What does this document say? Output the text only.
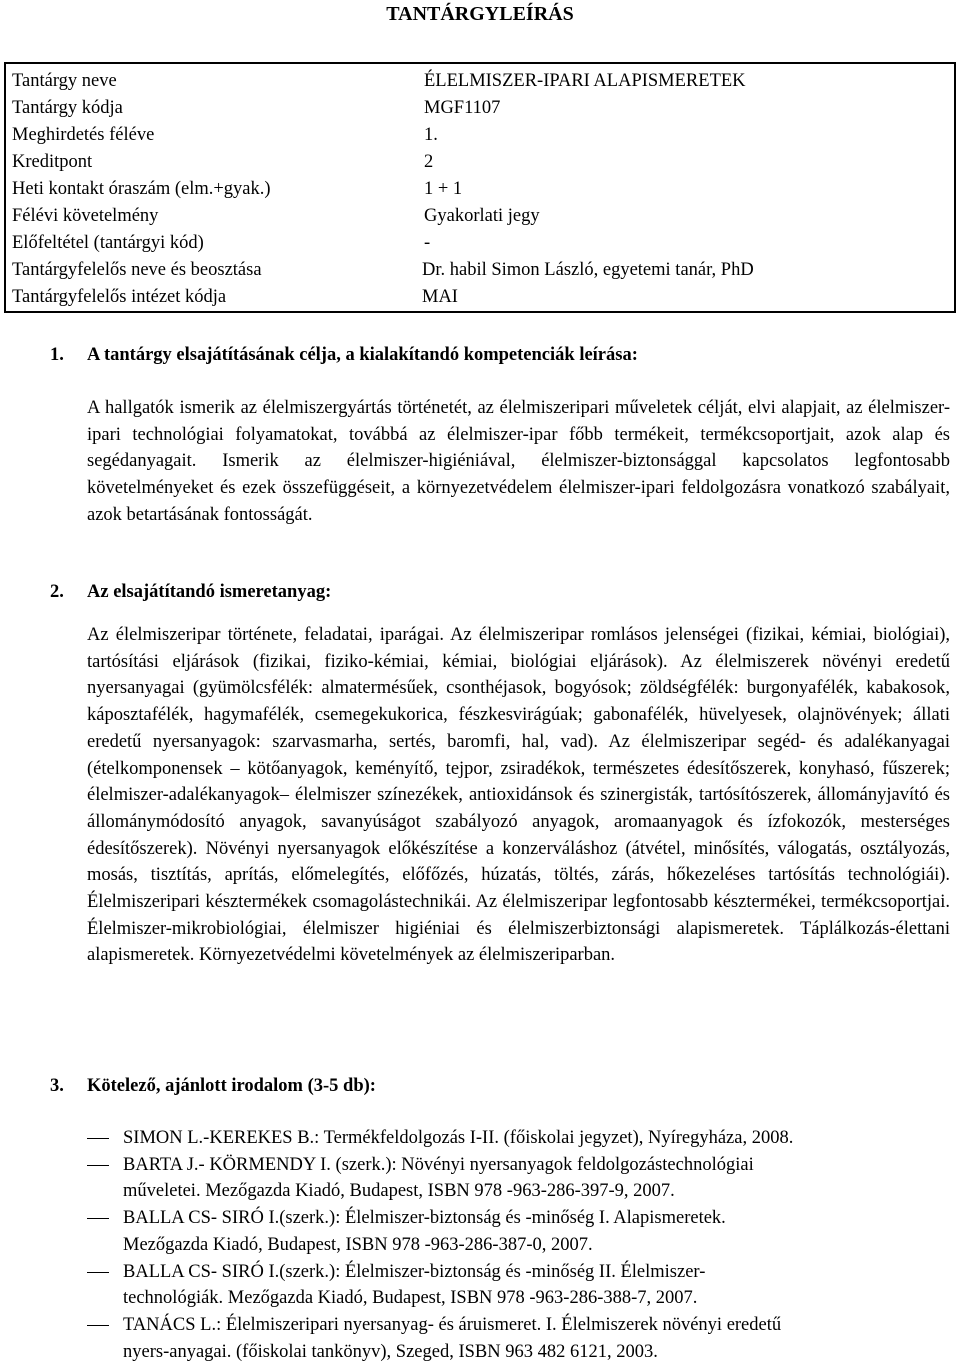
TANTÁRGYLEÍRÁS
Tantárgy neve	ÉLELMISZER-IPARI ALAPISMERETEK
Tantárgy kódja	MGF1107
Meghirdetés féléve	1.
Kreditpont	2
Heti kontakt óraszám (elm.+gyak.)	1 + 1
Félévi követelmény	Gyakorlati jegy
Előfeltétel (tantárgyi kód)	-
Tantárgyfelelős neve és beosztása	Dr. habil Simon László, egyetemi tanár, PhD
Tantárgyfelelős intézet kódja	MAI
1. A tantárgy elsajátításának célja, a kialakítandó kompetenciák leírása:

A hallgatók ismerik az élelmiszergyártás történetét, az élelmiszeripari műveletek célját, elvi alapjait, az élelmiszer-ipari technológiai folyamatokat, továbbá az élelmiszer-ipar főbb termékeit, termékcsoportjait, azok alap és segédanyagait. Ismerik az élelmiszer-higiéniával, élelmiszer-biztonsággal kapcsolatos legfontosabb követelményeket és ezek összefüggéseit, a környezetvédelem élelmiszer-ipari feldolgozásra vonatkozó szabályait, azok betartásának fontosságát.

2. Az elsajátítandó ismeretanyag:

Az élelmiszeripar története, feladatai, iparágai. Az élelmiszeripar romlásos jelenségei (fizikai, kémiai, biológiai), tartósítási eljárások (fizikai, fiziko-kémiai, kémiai, biológiai eljárások). Az élelmiszerek növényi eredetű nyersanyagai (gyümölcsfélék: almatermésűek, csonthéjasok, bogyósok; zöldségfélék: burgonyafélék, kabakosok, káposztafélék, hagymafélék, csemegekukorica, fészkesvirágúak; gabonafélék, hüvelyesek, olajnövények; állati eredetű nyersanyagok: szarvasmarha, sertés, baromfi, hal, vad). Az élelmiszeripar segéd- és adalékanyagai (ételkomponensek – kötőanyagok, keményítő, tejpor, zsiradékok, természetes édesítőszerek, konyhasó, fűszerek; élelmiszer-adalékanyagok– élelmiszer színezékek, antioxidánsok és szinergisták, tartósítószerek, állományjavító és állománymódosító anyagok, savanyúságot szabályozó anyagok, aromaanyagok és ízfokozók, mesterséges édesítőszerek). Növényi nyersanyagok előkészítése a konzerváláshoz (átvétel, minősítés, válogatás, osztályozás, mosás, tisztítás, aprítás, előmelegítés, előfőzés, húzatás, töltés, zárás, hőkezeléses tartósítás technológiái). Élelmiszeripari késztermékek csomagolástechnikái. Az élelmiszeripar legfontosabb késztermékei, termékcsoportjai. Élelmiszer-mikrobiológiai, élelmiszer higiéniai és élelmiszerbiztonsági alapismeretek. Táplálkozás-élettani alapismeretek. Környezetvédelmi követelmények az élelmiszeriparban.

3. Kötelező, ajánlott irodalom (3-5 db):
SIMON L.-KEREKES B.: Termékfeldolgozás I-II. (főiskolai jegyzet), Nyíregyháza, 2008.
BARTA J.- KÖRMENDY I. (szerk.): Növényi nyersanyagok feldolgozástechnológiai
műveletei. Mezőgazda Kiadó, Budapest, ISBN 978 -963-286-397-9, 2007.
BALLA CS- SIRÓ I.(szerk.): Élelmiszer-biztonság és -minőség I. Alapismeretek.
Mezőgazda Kiadó, Budapest, ISBN 978 -963-286-387-0, 2007.
BALLA CS- SIRÓ I.(szerk.): Élelmiszer-biztonság és -minőség II. Élelmiszer-
technológiák. Mezőgazda Kiadó, Budapest, ISBN 978 -963-286-388-7, 2007.
TANÁCS L.: Élelmiszeripari nyersanyag- és áruismeret. I. Élelmiszerek növényi eredetű
nyers-anyagai. (főiskolai tankönyv), Szeged, ISBN 963 482 6121, 2003.
